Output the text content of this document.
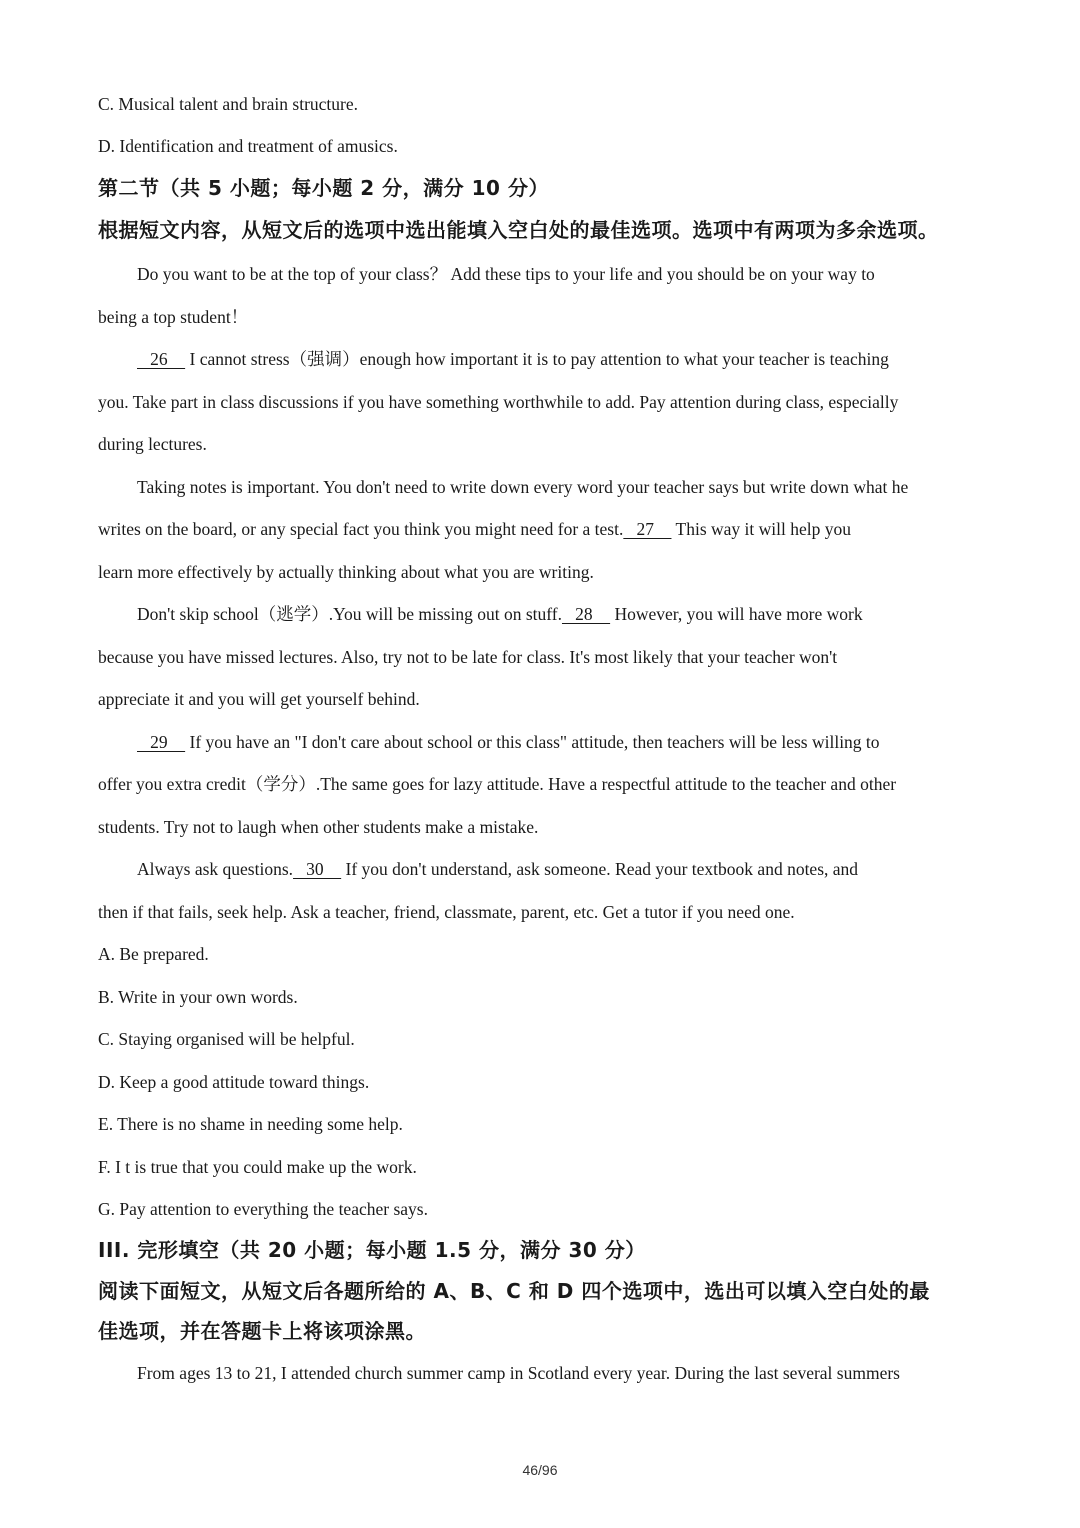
C. Musical talent and brain structure.
D. Identification and treatment of amusics.
第二节（共 5 小题；每小题 2 分，满分 10 分）
根据短文内容，从短文后的选项中选出能填入空白处的最佳选项。选项中有两项为多余选项。
Do you want to be at the top of your class？ Add these tips to your life and you should be on your way to
being a top student！
26     I cannot stress（强调）enough how important it is to pay attention to what your teacher is teaching
you. Take part in class discussions if you have something worthwhile to add. Pay attention during class, especially
during lectures.
Taking notes is important. You don't need to write down every word your teacher says but write down what he
writes on the board, or any special fact you think you might need for a test.   27     This way it will help you
learn more effectively by actually thinking about what you are writing.
Don't skip school（逃学）.You will be missing out on stuff.   28     However, you will have more work
because you have missed lectures. Also, try not to be late for class. It's most likely that your teacher won't
appreciate it and you will get yourself behind.
29     If you have an "I don't care about school or this class" attitude, then teachers will be less willing to
offer you extra credit（学分）.The same goes for lazy attitude. Have a respectful attitude to the teacher and other
students. Try not to laugh when other students make a mistake.
Always ask questions.   30     If you don't understand, ask someone. Read your textbook and notes, and
then if that fails, seek help. Ask a teacher, friend, classmate, parent, etc. Get a tutor if you need one.
A. Be prepared.
B. Write in your own words.
C. Staying organised will be helpful.
D. Keep a good attitude toward things.
E. There is no shame in needing some help.
F. I t is true that you could make up the work.
G. Pay attention to everything the teacher says.
III. 完形填空（共 20 小题；每小题 1.5 分，满分 30 分）
阅读下面短文，从短文后各题所给的 A、B、C 和 D 四个选项中，选出可以填入空白处的最
佳选项，并在答题卡上将该项涂黑。
From ages 13 to 21, I attended church summer camp in Scotland every year. During the last several summers
46/96
